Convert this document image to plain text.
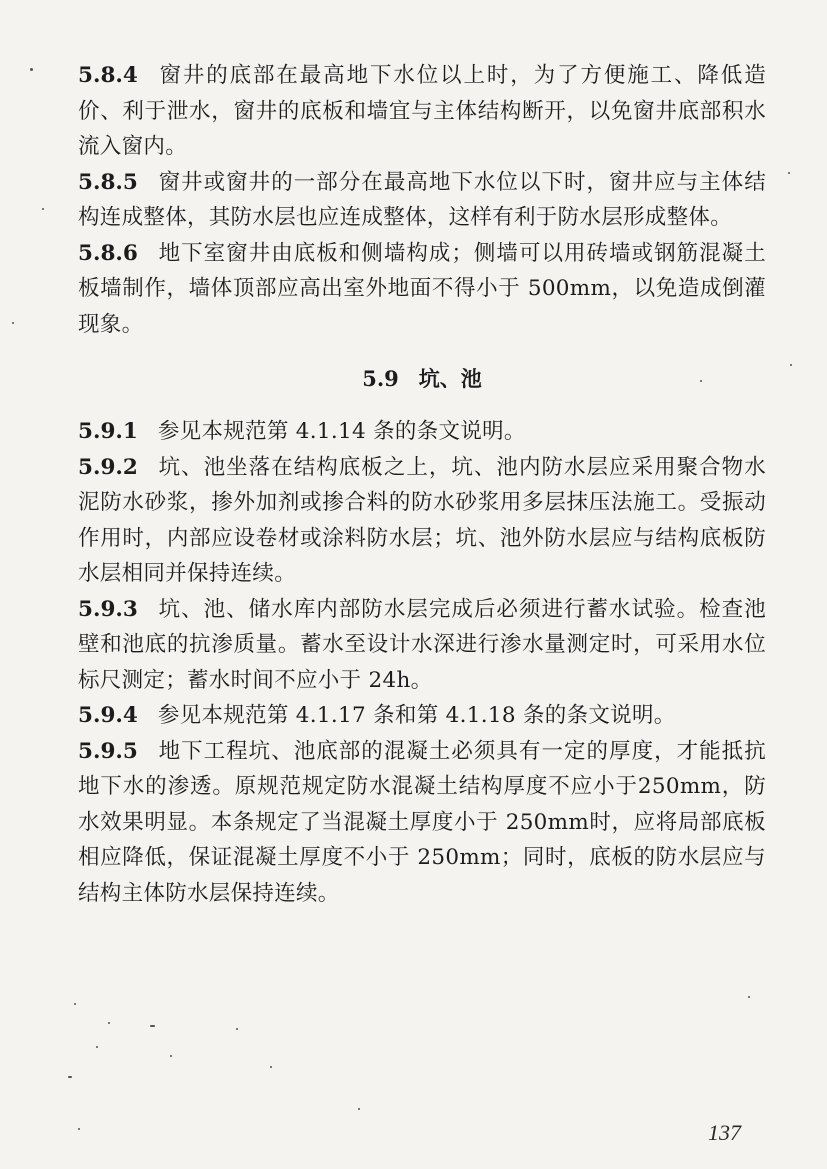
5.8.4 窗井的底部在最高地下水位以上时，为了方便施工、降低造价、利于泄水，窗井的底板和墙宜与主体结构断开，以免窗井底部积水流入窗内。

5.8.5 窗井或窗井的一部分在最高地下水位以下时，窗井应与主体结构连成整体，其防水层也应连成整体，这样有利于防水层形成整体。

5.8.6 地下室窗井由底板和侧墙构成；侧墙可以用砖墙或钢筋混凝土板墙制作，墙体顶部应高出室外地面不得小于 500mm，以免造成倒灌现象。

5.9 坑、池

5.9.1 参见本规范第 4.1.14 条的条文说明。

5.9.2 坑、池坐落在结构底板之上，坑、池内防水层应采用聚合物水泥防水砂浆，掺外加剂或掺合料的防水砂浆用多层抹压法施工。受振动作用时，内部应设卷材或涂料防水层；坑、池外防水层应与结构底板防水层相同并保持连续。

5.9.3 坑、池、储水库内部防水层完成后必须进行蓄水试验。检查池壁和池底的抗渗质量。蓄水至设计水深进行渗水量测定时，可采用水位标尺测定；蓄水时间不应小于 24h。

5.9.4 参见本规范第 4.1.17 条和第 4.1.18 条的条文说明。

5.9.5 地下工程坑、池底部的混凝土必须具有一定的厚度，才能抵抗地下水的渗透。原规范规定防水混凝土结构厚度不应小于250mm，防水效果明显。本条规定了当混凝土厚度小于 250mm时，应将局部底板相应降低，保证混凝土厚度不小于 250mm；同时，底板的防水层应与结构主体防水层保持连续。

137
